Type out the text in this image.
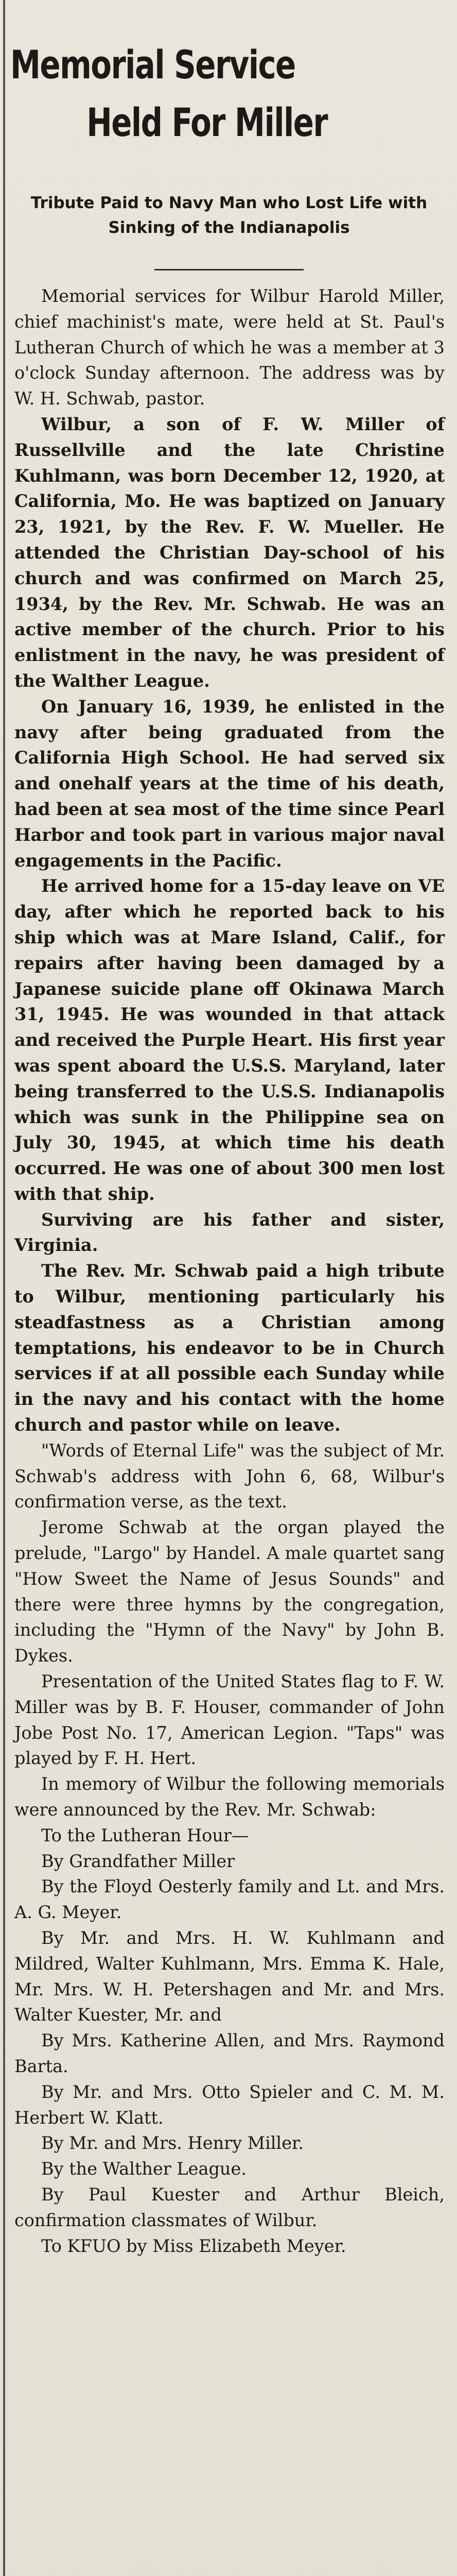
Memorial Service
Held For Miller
Tribute Paid to Navy Man who Lost Life with Sinking of the Indianapolis

Memorial services for Wilbur Harold Miller, chief machinist's mate, were held at St. Paul's Lutheran Church of which he was a member at 3 o'clock Sunday afternoon. The address was by W. H. Schwab, pastor.

Wilbur, a son of F. W. Miller of Russellville and the late Christine Kuhlmann, was born December 12, 1920, at California, Mo. He was baptized on January 23, 1921, by the Rev. F. W. Mueller. He attended the Christian Day-school of his church and was confirmed on March 25, 1934, by the Rev. Mr. Schwab. He was an active member of the church. Prior to his enlistment in the navy, he was president of the Walther League.

On January 16, 1939, he enlisted in the navy after being graduated from the California High School. He had served six and onehalf years at the time of his death, had been at sea most of the time since Pearl Harbor and took part in various major naval engagements in the Pacific.

He arrived home for a 15-day leave on VE day, after which he reported back to his ship which was at Mare Island, Calif., for repairs after having been damaged by a Japanese suicide plane off Okinawa March 31, 1945. He was wounded in that attack and received the Purple Heart. His first year was spent aboard the U.S.S. Maryland, later being transferred to the U.S.S. Indianapolis which was sunk in the Philippine sea on July 30, 1945, at which time his death occurred. He was one of about 300 men lost with that ship.

Surviving are his father and sister, Virginia.

The Rev. Mr. Schwab paid a high tribute to Wilbur, mentioning particularly his steadfastness as a Christian among temptations, his endeavor to be in Church services if at all possible each Sunday while in the navy and his contact with the home church and pastor while on leave.

"Words of Eternal Life" was the subject of Mr. Schwab's address with John 6, 68, Wilbur's confirmation verse, as the text.

Jerome Schwab at the organ played the prelude, "Largo" by Handel. A male quartet sang "How Sweet the Name of Jesus Sounds" and there were three hymns by the congregation, including the "Hymn of the Navy" by John B. Dykes.

Presentation of the United States flag to F. W. Miller was by B. F. Houser, commander of John Jobe Post No. 17, American Legion. "Taps" was played by F. H. Hert.

In memory of Wilbur the following memorials were announced by the Rev. Mr. Schwab:

To the Lutheran Hour—

By Grandfather Miller

By the Floyd Oesterly family and Lt. and Mrs. A. G. Meyer.

By Mr. and Mrs. H. W. Kuhlmann and Mildred, Walter Kuhlmann, Mrs. Emma K. Hale, Mr. Mrs. W. H. Petershagen and Mr. and Mrs. Walter Kuester, Mr. and

By Mrs. Katherine Allen, and Mrs. Raymond Barta.

By Mr. and Mrs. Otto Spieler and C. M. M. Herbert W. Klatt.

By Mr. and Mrs. Henry Miller.

By the Walther League.

By Paul Kuester and Arthur Bleich, confirmation classmates of Wilbur.

To KFUO by Miss Elizabeth Meyer.
